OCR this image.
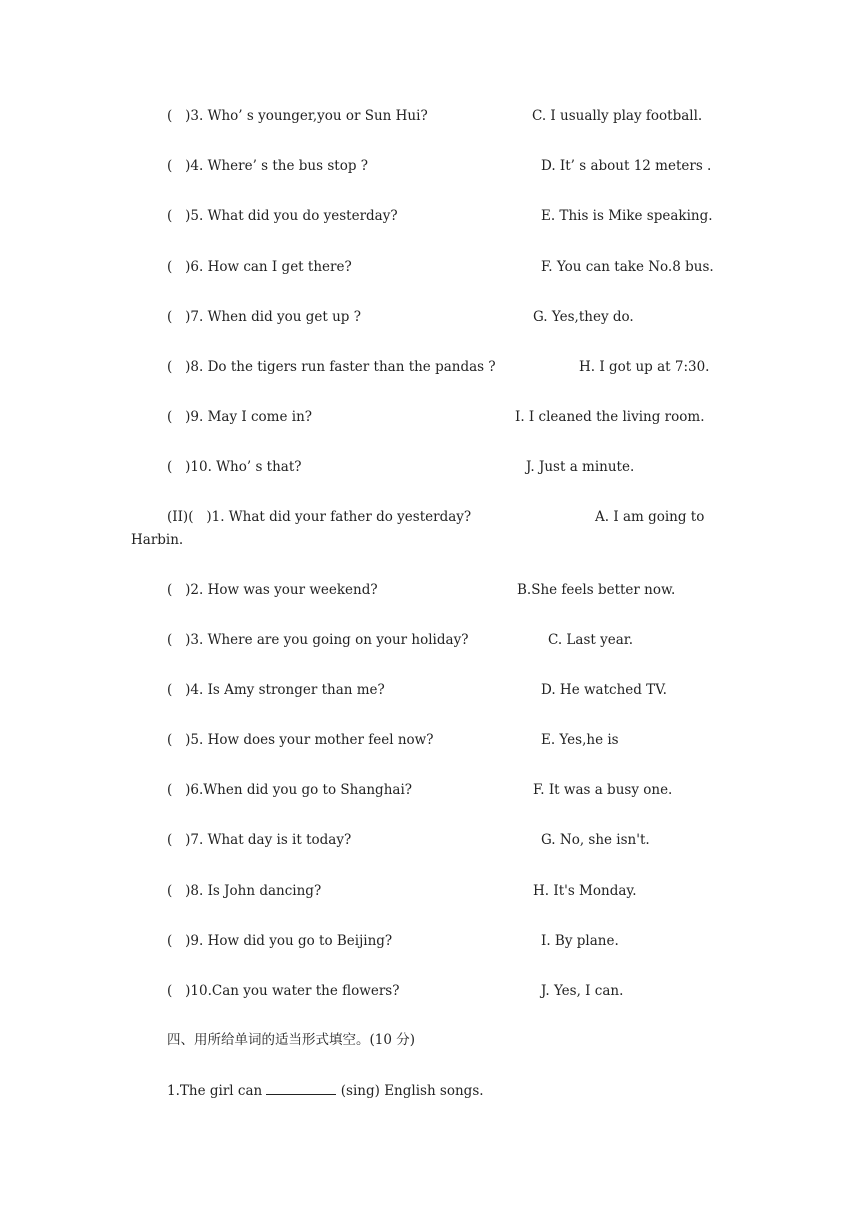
(   )3. Who’ s younger,you or Sun Hui?	C. I usually play football.
(   )4. Where’ s the bus stop ?	D. It’ s about 12 meters .
(   )5. What did you do yesterday?	E. This is Mike speaking.
(   )6. How can I get there?	F. You can take No.8 bus.
(   )7. When did you get up ?	G. Yes,they do.
(   )8. Do the tigers run faster than the pandas ?	H. I got up at 7:30.
(   )9. May I come in?	I. I cleaned the living room.
(   )10. Who’ s that?	J. Just a minute.
(II)(   )1. What did your father do yesterday?	A. I am going to
Harbin.
(   )2. How was your weekend?	B.She feels better now.
(   )3. Where are you going on your holiday?	C. Last year.
(   )4. Is Amy stronger than me?	D. He watched TV.
(   )5. How does your mother feel now?	E. Yes,he is
(   )6.When did you go to Shanghai?	F. It was a busy one.
(   )7. What day is it today?	G. No, she isn't.
(   )8. Is John dancing?	H. It's Monday.
(   )9. How did you go to Beijing?	I. By plane.
(   )10.Can you water the flowers?	J. Yes, I can.
四、用所给单词的适当形式填空。(10 分)
1.The girl can	(sing) English songs.
